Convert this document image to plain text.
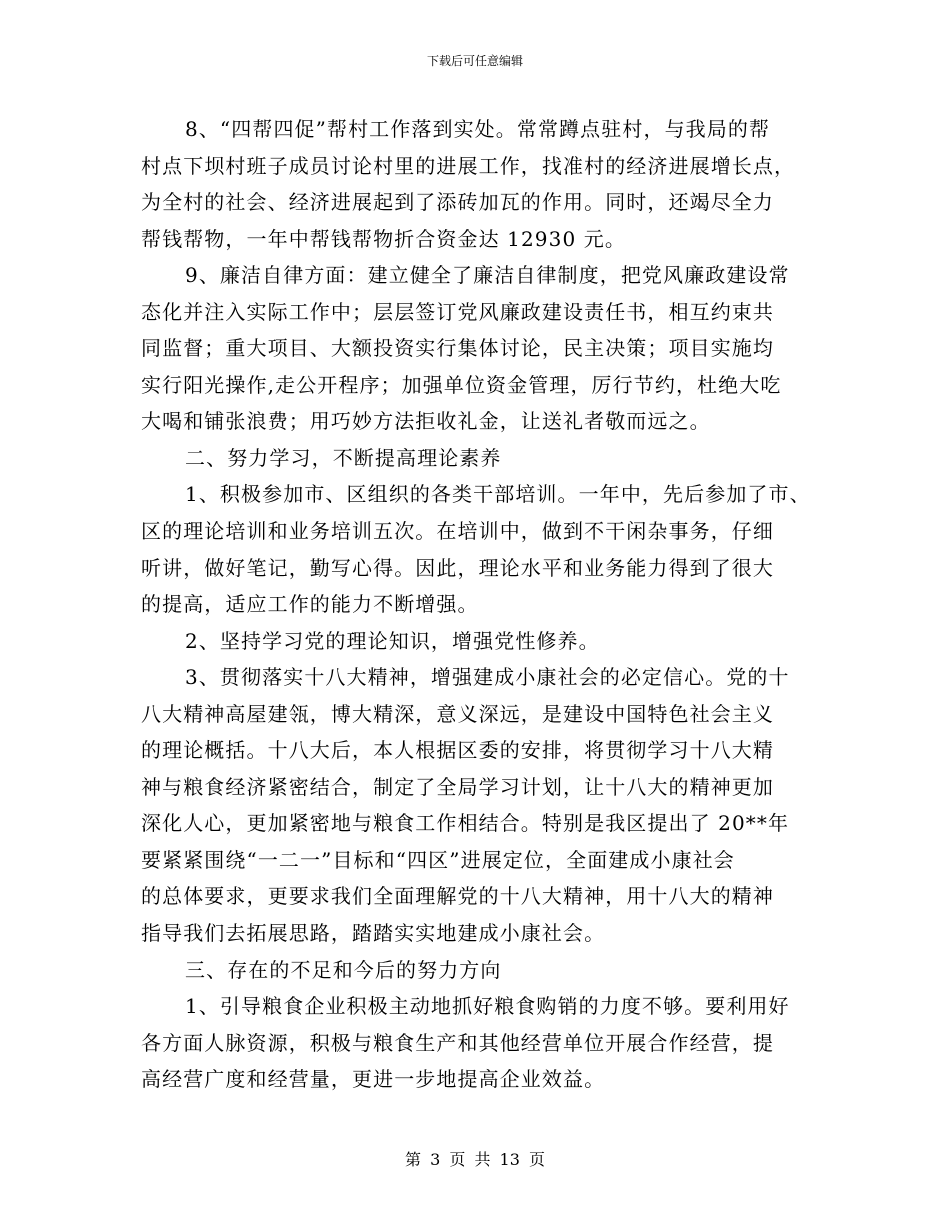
下载后可任意编辑
8、“四帮四促”帮村工作落到实处。常常蹲点驻村，与我局的帮
村点下坝村班子成员讨论村里的进展工作，找准村的经济进展增长点，
为全村的社会、经济进展起到了添砖加瓦的作用。同时，还竭尽全力
帮钱帮物，一年中帮钱帮物折合资金达 12930 元。
9、廉洁自律方面：建立健全了廉洁自律制度，把党风廉政建设常
态化并注入实际工作中；层层签订党风廉政建设责任书，相互约束共
同监督；重大项目、大额投资实行集体讨论，民主决策；项目实施均
实行阳光操作,走公开程序；加强单位资金管理，厉行节约，杜绝大吃
大喝和铺张浪费；用巧妙方法拒收礼金，让送礼者敬而远之。
二、努力学习，不断提高理论素养
1、积极参加市、区组织的各类干部培训。一年中，先后参加了市、
区的理论培训和业务培训五次。在培训中，做到不干闲杂事务，仔细
听讲，做好笔记，勤写心得。因此，理论水平和业务能力得到了很大
的提高，适应工作的能力不断增强。
2、坚持学习党的理论知识，增强党性修养。
3、贯彻落实十八大精神，增强建成小康社会的必定信心。党的十
八大精神高屋建瓴，博大精深，意义深远，是建设中国特色社会主义
的理论概括。十八大后，本人根据区委的安排，将贯彻学习十八大精
神与粮食经济紧密结合，制定了全局学习计划，让十八大的精神更加
深化人心，更加紧密地与粮食工作相结合。特别是我区提出了 20**年
要紧紧围绕“一二一”目标和“四区”进展定位，全面建成小康社会
的总体要求，更要求我们全面理解党的十八大精神，用十八大的精神
指导我们去拓展思路，踏踏实实地建成小康社会。
三、存在的不足和今后的努力方向
1、引导粮食企业积极主动地抓好粮食购销的力度不够。要利用好
各方面人脉资源，积极与粮食生产和其他经营单位开展合作经营，提
高经营广度和经营量，更进一步地提高企业效益。
第 3 页 共 13 页
